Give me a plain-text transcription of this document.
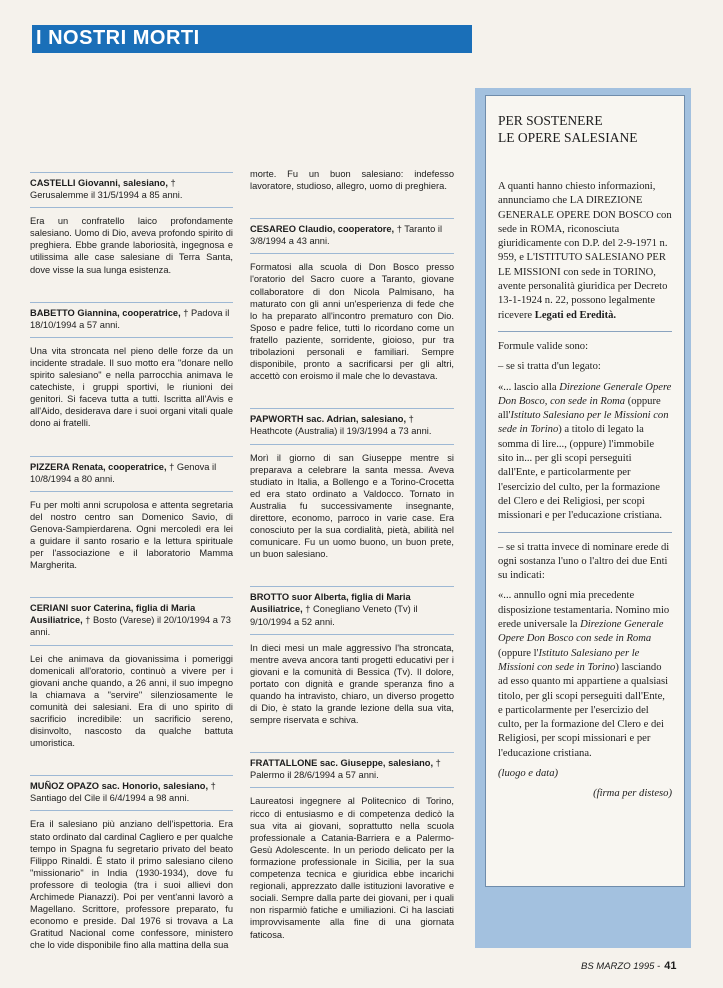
I NOSTRI MORTI
CASTELLI Giovanni, salesiano, † Gerusalemme il 31/5/1994 a 85 anni.
Era un confratello laico profondamente salesiano. Uomo di Dio, aveva profondo spirito di preghiera. Ebbe grande laboriosità, ingegnosa e utilissima alle case salesiane di Terra Santa, dove visse la sua lunga esistenza.
BABETTO Giannina, cooperatrice, † Padova il 18/10/1994 a 57 anni.
Una vita stroncata nel pieno delle forze da un incidente stradale. Il suo motto era "donare nello spirito salesiano" e nella parrocchia animava le catechiste, i gruppi sportivi, le riunioni dei genitori. Si faceva tutta a tutti. Iscritta all'Avis e all'Aido, desiderava dare i suoi organi vitali quale dono ai fratelli.
PIZZERA Renata, cooperatrice, † Genova il 10/8/1994 a 80 anni.
Fu per molti anni scrupolosa e attenta segretaria del nostro centro san Domenico Savio, di Genova-Sampierdarena. Ogni mercoledì era lei a guidare il santo rosario e la lettura spirituale per l'associazione e il laboratorio Mamma Margherita.
CERIANI suor Caterina, figlia di Maria Ausiliatrice, † Bosto (Varese) il 20/10/1994 a 73 anni.
Lei che animava da giovanissima i pomeriggi domenicali all'oratorio, continuò a vivere per i giovani anche quando, a 26 anni, il suo impegno la chiamava a "servire" silenziosamente le comunità dei salesiani. Era di uno spirito di sacrificio incredibile: un sacrificio sereno, disinvolto, nascosto da qualche battuta umoristica.
MUÑOZ OPAZO sac. Honorio, salesiano, † Santiago del Cile il 6/4/1994 a 98 anni.
Era il salesiano più anziano dell'ispettoria. Era stato ordinato dal cardinal Cagliero e per qualche tempo in Spagna fu segretario privato del beato Filippo Rinaldi. È stato il primo salesiano cileno "missionario" in India (1930-1934), dove fu professore di teologia (tra i suoi allievi don Archimede Pianazzi). Poi per vent'anni lavorò a Magellano. Scrittore, professore preparato, fu economo e preside. Dal 1976 si trovava a La Gratitud Nacional come confessore, ministero che lo vide disponibile fino alla mattina della sua
morte. Fu un buon salesiano: indefesso lavoratore, studioso, allegro, uomo di preghiera.
CESAREO Claudio, cooperatore, † Taranto il 3/8/1994 a 43 anni.
Formatosi alla scuola di Don Bosco presso l'oratorio del Sacro cuore a Taranto, giovane collaboratore di don Nicola Palmisano, ha maturato con gli anni un'esperienza di fede che lo ha preparato all'incontro prematuro con Dio. Sposo e padre felice, tutti lo ricordano come un fratello paziente, sorridente, gioioso, pur tra tribolazioni personali e familiari. Sempre disponibile, pronto a sacrificarsi per gli altri, accettò con eroismo il male che lo devastava.
PAPWORTH sac. Adrian, salesiano, † Heathcote (Australia) il 19/3/1994 a 73 anni.
Morì il giorno di san Giuseppe mentre si preparava a celebrare la santa messa. Aveva studiato in Italia, a Bollengo e a Torino-Crocetta ed era stato ordinato a Valdocco. Tornato in Australia fu successivamente insegnante, direttore, economo, parroco in varie case. Era conosciuto per la sua cordialità, pietà, abilità nel comunicare. Fu un uomo buono, un buon prete, un buon salesiano.
BROTTO suor Alberta, figlia di Maria Ausiliatrice, † Conegliano Veneto (Tv) il 9/10/1994 a 52 anni.
In dieci mesi un male aggressivo l'ha stroncata, mentre aveva ancora tanti progetti educativi per i giovani e la comunità di Bessica (Tv). Il dolore, portato con dignità e grande speranza fino a quando ha intravisto, chiaro, un diverso progetto di Dio, è stato la grande lezione della sua vita, sempre riservata e schiva.
FRATTALLONE sac. Giuseppe, salesiano, † Palermo il 28/6/1994 a 57 anni.
Laureatosi ingegnere al Politecnico di Torino, ricco di entusiasmo e di competenza dedicò la sua vita ai giovani, soprattutto nella scuola professionale a Catania-Barriera e a Palermo-Gesù Adolescente. In un periodo delicato per la formazione professionale in Sicilia, per la sua competenza tecnica e giuridica ebbe incarichi regionali, apprezzato dalle istituzioni lavorative e sociali. Sempre dalla parte dei giovani, per i quali non risparmiò fatiche e umiliazioni. Ci ha lasciati improvvisamente alla fine di una giornata faticosa.
PER SOSTENERE
LE OPERE SALESIANE

A quanti hanno chiesto informazioni, annunciamo che LA DIREZIONE GENERALE OPERE DON BOSCO con sede in ROMA, riconosciuta giuridicamente con D.P. del 2-9-1971 n. 959, e L'ISTITUTO SALESIANO PER LE MISSIONI con sede in TORINO, avente personalità giuridica per Decreto 13-1-1924 n. 22, possono legalmente ricevere Legati ed Eredità.

Formule valide sono:

– se si tratta d'un legato:

«... lascio alla Direzione Generale Opere Don Bosco, con sede in Roma (oppure all'Istituto Salesiano per le Missioni con sede in Torino) a titolo di legato la somma di lire..., (oppure) l'immobile sito in... per gli scopi perseguiti dall'Ente, e particolarmente per l'esercizio del culto, per la formazione del Clero e dei Religiosi, per scopi missionari e per l'educazione cristiana.

– se si tratta invece di nominare erede di ogni sostanza l'uno o l'altro dei due Enti su indicati:

«... annullo ogni mia precedente disposizione testamentaria. Nomino mio erede universale la Direzione Generale Opere Don Bosco con sede in Roma (oppure l'Istituto Salesiano per le Missioni con sede in Torino) lasciando ad esso quanto mi appartiene a qualsiasi titolo, per gli scopi perseguiti dall'Ente, e particolarmente per l'esercizio del culto, per la formazione del Clero e dei Religiosi, per scopi missionari e per l'educazione cristiana.

(luogo e data)

(firma per disteso)

BS MARZO 1995 - 41
